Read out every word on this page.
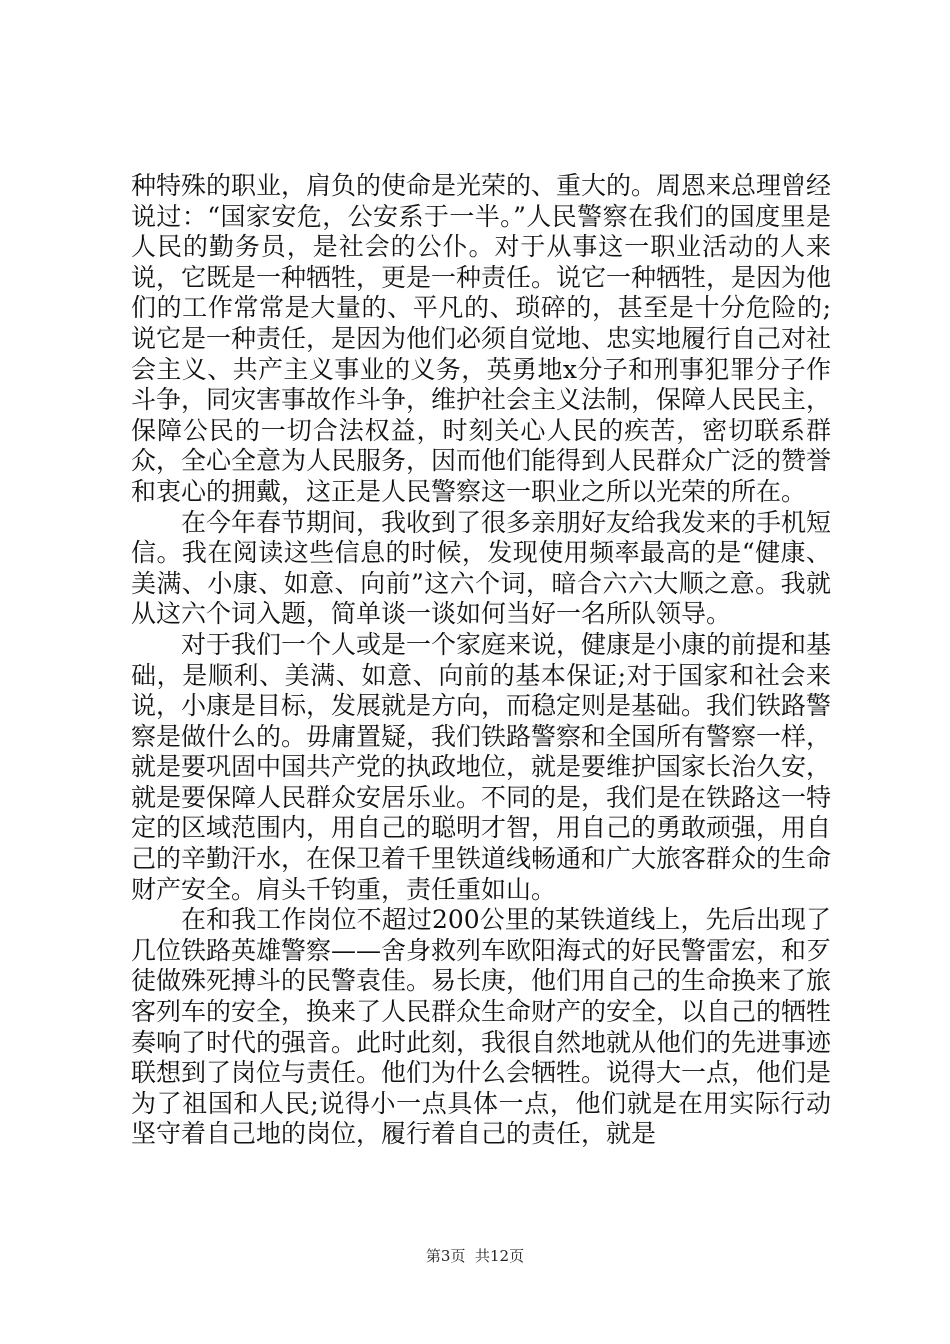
种特殊的职业，肩负的使命是光荣的、重大的。周恩来总理曾经说过：“国家安危，公安系于一半。”人民警察在我们的国度里是人民的勤务员，是社会的公仆。对于从事这一职业活动的人来说，它既是一种牺牲，更是一种责任。说它一种牺牲，是因为他们的工作常常是大量的、平凡的、琐碎的，甚至是十分危险的;说它是一种责任，是因为他们必须自觉地、忠实地履行自己对社会主义、共产主义事业的义务，英勇地x分子和刑事犯罪分子作斗争，同灾害事故作斗争，维护社会主义法制，保障人民民主，保障公民的一切合法权益，时刻关心人民的疾苦，密切联系群众，全心全意为人民服务，因而他们能得到人民群众广泛的赞誉和衷心的拥戴，这正是人民警察这一职业之所以光荣的所在。

在今年春节期间，我收到了很多亲朋好友给我发来的手机短信。我在阅读这些信息的时候，发现使用频率最高的是“健康、美满、小康、如意、向前”这六个词，暗合六六大顺之意。我就从这六个词入题，简单谈一谈如何当好一名所队领导。

对于我们一个人或是一个家庭来说，健康是小康的前提和基础，是顺利、美满、如意、向前的基本保证;对于国家和社会来说，小康是目标，发展就是方向，而稳定则是基础。我们铁路警察是做什么的。毋庸置疑，我们铁路警察和全国所有警察一样，就是要巩固中国共产党的执政地位，就是要维护国家长治久安，就是要保障人民群众安居乐业。不同的是，我们是在铁路这一特定的区域范围内，用自己的聪明才智，用自己的勇敢顽强，用自己的辛勤汗水，在保卫着千里铁道线畅通和广大旅客群众的生命财产安全。肩头千钧重，责任重如山。

在和我工作岗位不超过200公里的某铁道线上，先后出现了几位铁路英雄警察——舍身救列车欧阳海式的好民警雷宏，和歹徒做殊死搏斗的民警袁佳。易长庚，他们用自己的生命换来了旅客列车的安全，换来了人民群众生命财产的安全，以自己的牺牲奏响了时代的强音。此时此刻，我很自然地就从他们的先进事迹联想到了岗位与责任。他们为什么会牺牲。说得大一点，他们是为了祖国和人民;说得小一点具体一点，他们就是在用实际行动坚守着自己地的岗位，履行着自己的责任，就是

第3页 共12页
